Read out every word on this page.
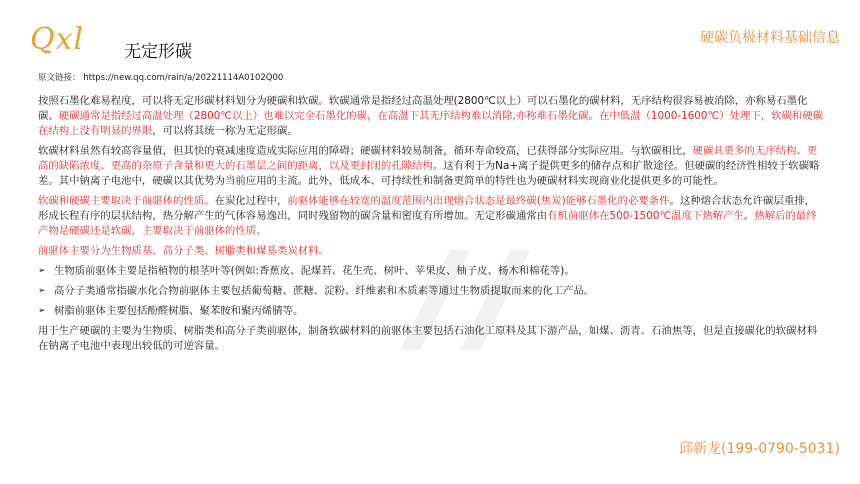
Qxl 无定形碳
硬碳负极材料基础信息
原文链接： https://new.qq.com/rain/a/20221114A0102Q00

按照石墨化难易程度，可以将无定形碳材料划分为硬碳和软碳。软碳通常是指经过高温处理(2800℃以上）可以石墨化的碳材料，无序结构很容易被消除，亦称易石墨化碳。硬碳通常是指经过高温处理（2800℃以上）也难以完全石墨化的碳，在高温下其无序结构难以消除,亦称难石墨化碳。在中低温（1000-1600℃）处理下，软碳和硬碳在结构上没有明显的界限，可以将其统一称为无定形碳。

软碳材料虽然有较高容量值，但其快的衰减速度造成实际应用的障碍；硬碳材料较易制备，循环寿命较高，已获得部分实际应用。与软碳相比，硬碳具更多的无序结构、更高的缺陷浓度、更高的杂原子含量和更大的石墨层之间的距离，以及更封闭的孔隙结构。这有利于为Na+离子提供更多的储存点和扩散途径。但硬碳的经济性相较于软碳略差。其中钠离子电池中，硬碳以其优势为当前应用的主流。此外，低成本、可持续性和制备更简单的特性也为硬碳材料实现商业化提供更多的可能性。

软碳和硬碳主要取决于前驱体的性质。在炭化过程中，前驱体能够在较宽的温度范围内出现熔合状态是最终碳(焦炭)能够石墨化的必要条件。这种熔合状态允许碳层重排，形成长程有序的层状结构，热分解产生的气体容易逸出，同时残留物的碳含量和密度有所增加。无定形碳通常由有机前驱体在500-1500℃温度下热解产生。热解后的最终产物是硬碳还是软碳，主要取决于前驱体的性质。

前驱体主要分为生物质基、高分子类、树脂类和煤基类炭材料。

➢ 生物质前驱体主要是指植物的根茎叶等(例如:香蕉皮、泥煤苔、花生壳、树叶、苹果皮、柚子皮、杨木和棉花等)。
➢ 高分子类通常指碳水化合物前驱体主要包括葡萄糖、蔗糖、淀粉、纤维素和木质素等通过生物质提取而来的化工产品。
➢ 树脂前驱体主要包括酚醛树脂、聚苯胺和聚丙烯腈等。

用于生产硬碳的主要为生物质、树脂类和高分子类前驱体，制备软碳材料的前驱体主要包括石油化工原料及其下游产品，如煤、沥青、石油焦等，但是直接碳化的软碳材料在钠离子电池中表现出较低的可逆容量。

邱新龙(199-0790-5031)
